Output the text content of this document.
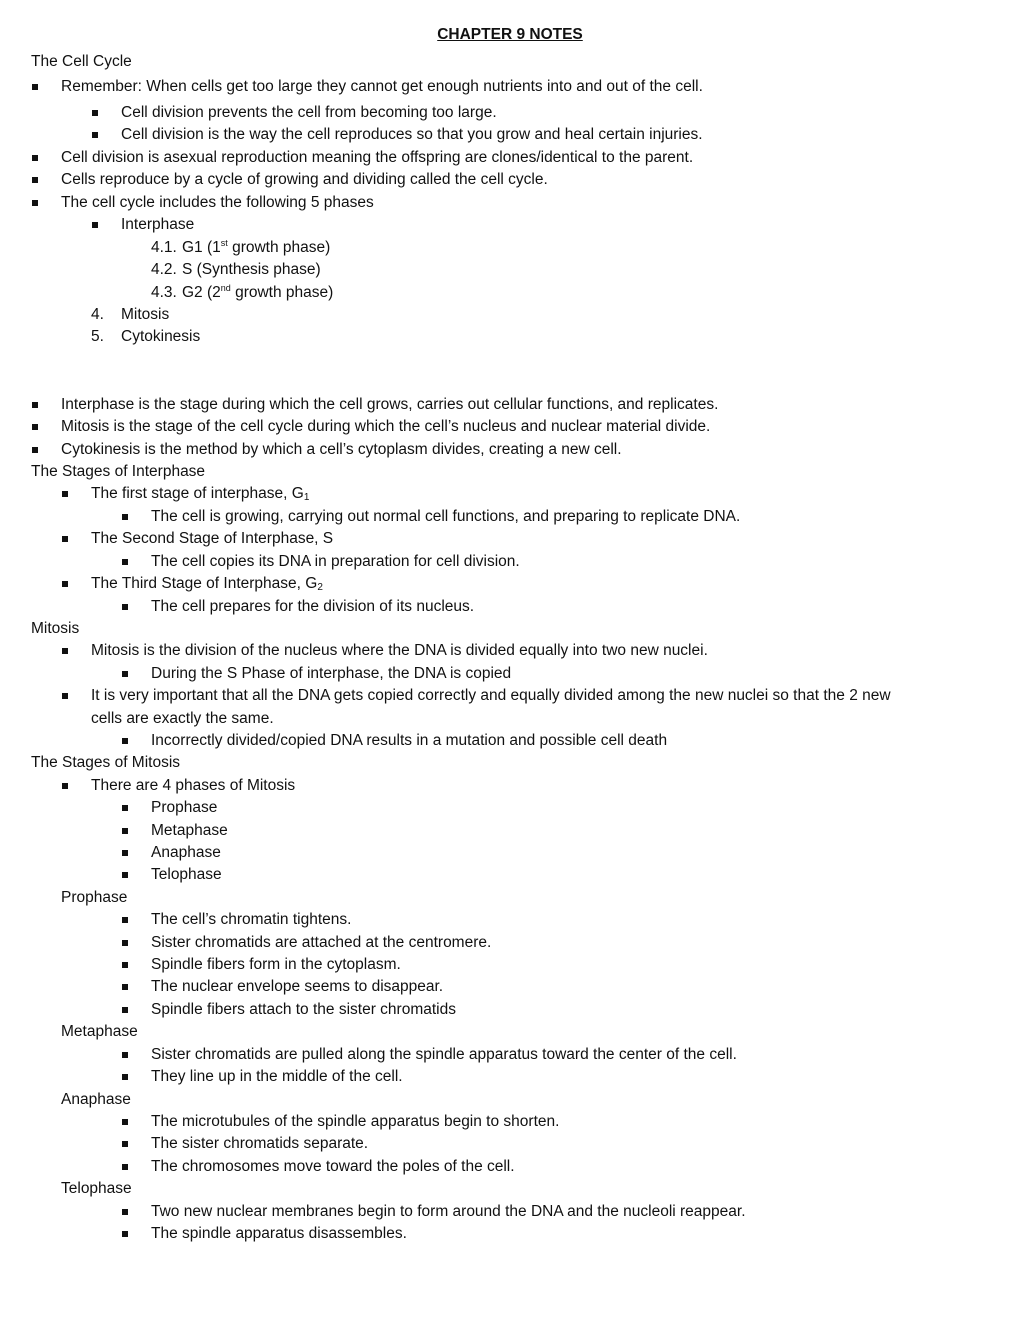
CHAPTER 9 NOTES
The Cell Cycle
Remember: When cells get too large they cannot get enough nutrients into and out of the cell.
Cell division prevents the cell from becoming too large.
Cell division is the way the cell reproduces so that you grow and heal certain injuries.
Cell division is asexual reproduction meaning the offspring are clones/identical to the parent.
Cells reproduce by a cycle of growing and dividing called the cell cycle.
The cell cycle includes the following 5 phases
Interphase
4.1. G1 (1st growth phase)
4.2. S (Synthesis phase)
4.3. G2 (2nd growth phase)
4. Mitosis
5. Cytokinesis
Interphase is the stage during which the cell grows, carries out cellular functions, and replicates.
Mitosis is the stage of the cell cycle during which the cell’s nucleus and nuclear material divide.
Cytokinesis is the method by which a cell’s cytoplasm divides, creating a new cell.
The Stages of Interphase
The first stage of interphase, $G_1$
The cell is growing, carrying out normal cell functions, and preparing to replicate DNA.
The Second Stage of Interphase, S
The cell copies its DNA in preparation for cell division.
The Third Stage of Interphase, $G_2$
The cell prepares for the division of its nucleus.
Mitosis
Mitosis is the division of the nucleus where the DNA is divided equally into two new nuclei.
During the S Phase of interphase, the DNA is copied
It is very important that all the DNA gets copied correctly and equally divided among the new nuclei so that the 2 new
cells are exactly the same.
Incorrectly divided/copied DNA results in a mutation and possible cell death
The Stages of Mitosis
There are 4 phases of Mitosis
Prophase
Metaphase
Anaphase
Telophase
Prophase
The cell’s chromatin tightens.
Sister chromatids are attached at the centromere.
Spindle fibers form in the cytoplasm.
The nuclear envelope seems to disappear.
Spindle fibers attach to the sister chromatids
Metaphase
Sister chromatids are pulled along the spindle apparatus toward the center of the cell.
They line up in the middle of the cell.
Anaphase
The microtubules of the spindle apparatus begin to shorten.
The sister chromatids separate.
The chromosomes move toward the poles of the cell.
Telophase
Two new nuclear membranes begin to form around the DNA and the nucleoli reappear.
The spindle apparatus disassembles.
